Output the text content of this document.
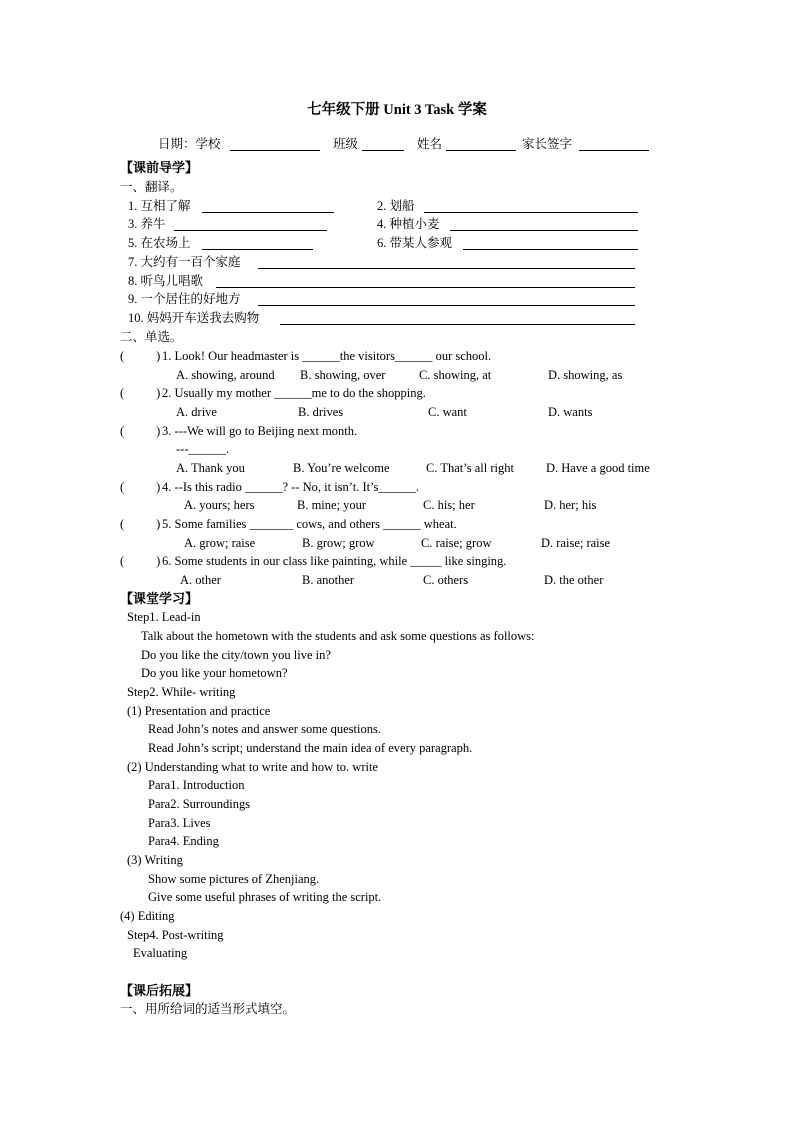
七年级下册 Unit 3 Task 学案
日期：学校	班级	姓名	家长签字
【课前导学】
一、翻译。
1. 互相了解	2. 划船
3. 养牛	4. 种植小麦
5. 在农场上	6. 带某人参观
7. 大约有一百个家庭
8. 听鸟儿唱歌
9. 一个居住的好地方
10. 妈妈开车送我去购物
二、单选。
(	) 1. Look! Our headmaster is ______the visitors______ our school.
A. showing, around B. showing, over	C. showing, at	D. showing, as
(	) 2. Usually my mother ______me to do the shopping.
A. drive	B. drives	C. want	D. wants
(	) 3. ---We will go to Beijing next month.
---______.
A. Thank you	B. You’re welcome	C. That’s all right	D. Have a good time
(	) 4. --Is this radio ______? -- No, it isn’t. It’s______.
A. yours; hers	B. mine; your	C. his; her	D. her; his
(	) 5. Some families _______ cows, and others ______ wheat.
A. grow; raise	B. grow; grow	C. raise; grow	D. raise; raise
(	) 6. Some students in our class like painting, while _____ like singing.
A. other	B. another	C. others	D. the other
【课堂学习】
Step1. Lead-in
Talk about the hometown with the students and ask some questions as follows:
Do you like the city/town you live in?
Do you like your hometown?
Step2. While- writing
(1) Presentation and practice
Read John’s notes and answer some questions.
Read John’s script; understand the main idea of every paragraph.
(2) Understanding what to write and how to. write
Para1. Introduction
Para2. Surroundings
Para3. Lives
Para4. Ending
(3) Writing
Show some pictures of Zhenjiang.
Give some useful phrases of writing the script.
(4) Editing
Step4. Post-writing
Evaluating
【课后拓展】
一、用所给词的适当形式填空。
